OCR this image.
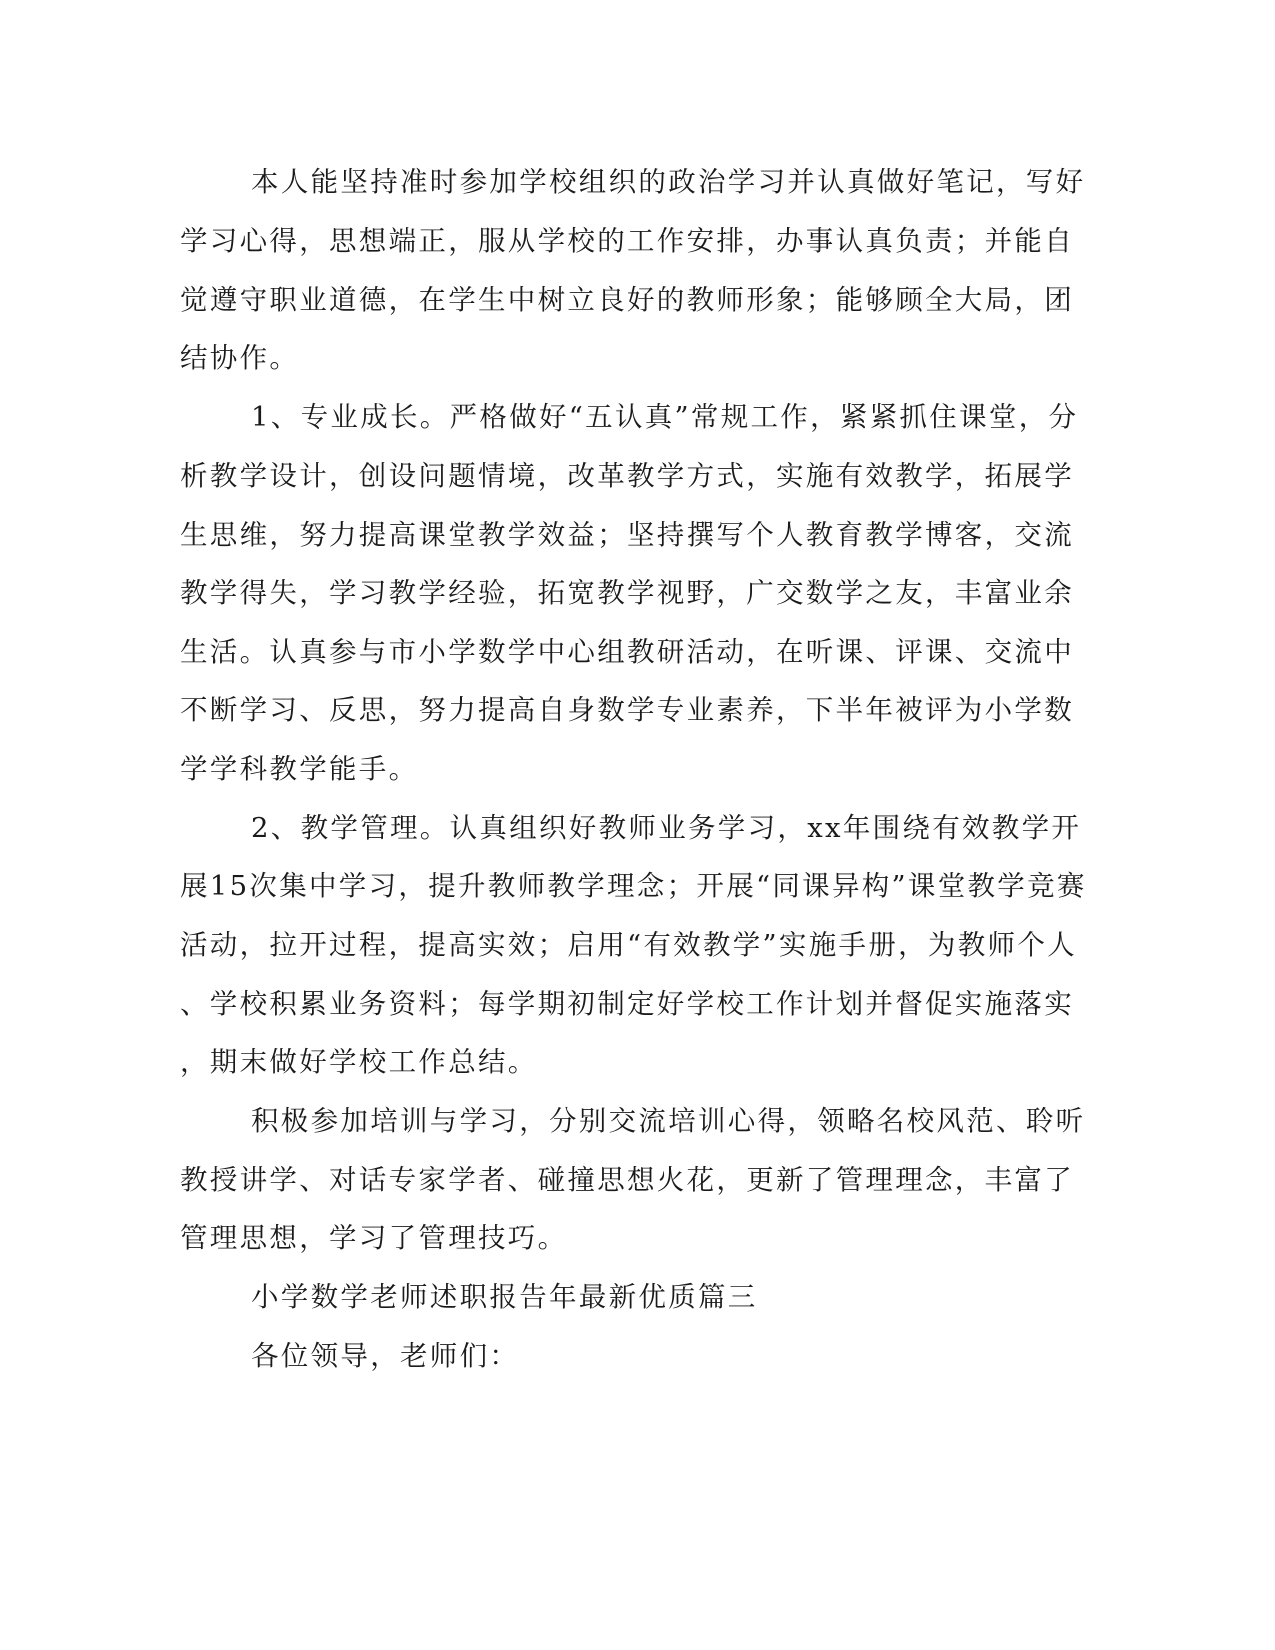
本人能坚持准时参加学校组织的政治学习并认真做好笔记，写好
学习心得，思想端正，服从学校的工作安排，办事认真负责；并能自
觉遵守职业道德，在学生中树立良好的教师形象；能够顾全大局，团
结协作。
1、专业成长。严格做好“五认真”常规工作，紧紧抓住课堂，分
析教学设计，创设问题情境，改革教学方式，实施有效教学，拓展学
生思维，努力提高课堂教学效益；坚持撰写个人教育教学博客，交流
教学得失，学习教学经验，拓宽教学视野，广交数学之友，丰富业余
生活。认真参与市小学数学中心组教研活动，在听课、评课、交流中
不断学习、反思，努力提高自身数学专业素养，下半年被评为小学数
学学科教学能手。
2、教学管理。认真组织好教师业务学习，xx年围绕有效教学开
展15次集中学习，提升教师教学理念；开展“同课异构”课堂教学竞赛
活动，拉开过程，提高实效；启用“有效教学”实施手册，为教师个人
、学校积累业务资料；每学期初制定好学校工作计划并督促实施落实
，期末做好学校工作总结。
积极参加培训与学习，分别交流培训心得，领略名校风范、聆听
教授讲学、对话专家学者、碰撞思想火花，更新了管理理念，丰富了
管理思想，学习了管理技巧。
小学数学老师述职报告年最新优质篇三
各位领导，老师们：
